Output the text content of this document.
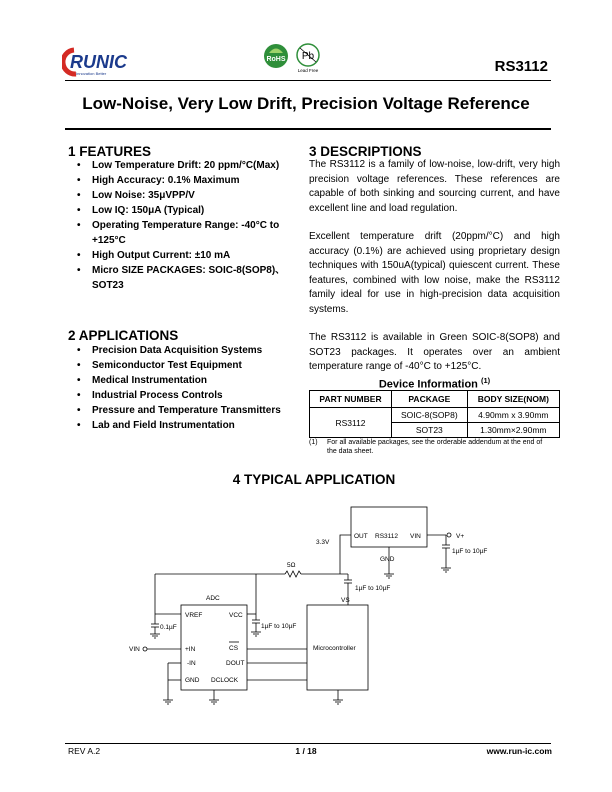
RUNIC
Innovation Better
RoHS Pb
Lead Free	RS3112
Low-Noise, Very Low Drift, Precision Voltage Reference
1 FEATURES
• Low Temperature Drift: 20 ppm/°C(Max)
• High Accuracy: 0.1% Maximum
• Low Noise: 35μVPP/V
• Low IQ: 150μA (Typical)
• Operating Temperature Range: -40°C to +125°C
• High Output Current: ±10 mA
• Micro SIZE PACKAGES: SOIC-8(SOP8)、SOT23
2 APPLICATIONS
• Precision Data Acquisition Systems
• Semiconductor Test Equipment
• Medical Instrumentation
• Industrial Process Controls
• Pressure and Temperature Transmitters
• Lab and Field Instrumentation
3 DESCRIPTIONS

The RS3112 is a family of low-noise, low-drift, very high precision voltage references. These references are capable of both sinking and sourcing current, and have excellent line and load regulation.

Excellent temperature drift (20ppm/°C) and high accuracy (0.1%) are achieved using proprietary design techniques with 150uA(typical) quiescent current. These features, combined with low noise, make the RS3112 family ideal for use in high-precision data acquisition systems.

The RS3112 is available in Green SOIC-8(SOP8) and SOT23 packages. It operates over an ambient temperature range of -40°C to +125°C.

Device Information $^{(1)}$
PART NUMBER	PACKAGE	BODY SIZE(NOM)
RS3112	SOIC-8(SOP8)	4.90mm x 3.90mm
	SOT23	1.30mm×2.90mm
(1) For all available packages, see the orderable addendum at the end of the data sheet.
4 TYPICAL APPLICATION
3.3V
OUT RS3112 VIN
GND
V+
1µF to 10µF
5Ω
1µF to 10µF
VS
ADC
VREF	VCC
0.1µF	1µF to 10µF
VIN	+IN
-IN
GND
CS
DOUT
DCLOCK
Microcontroller
REV A.2	1 / 18	www.run-ic.com
